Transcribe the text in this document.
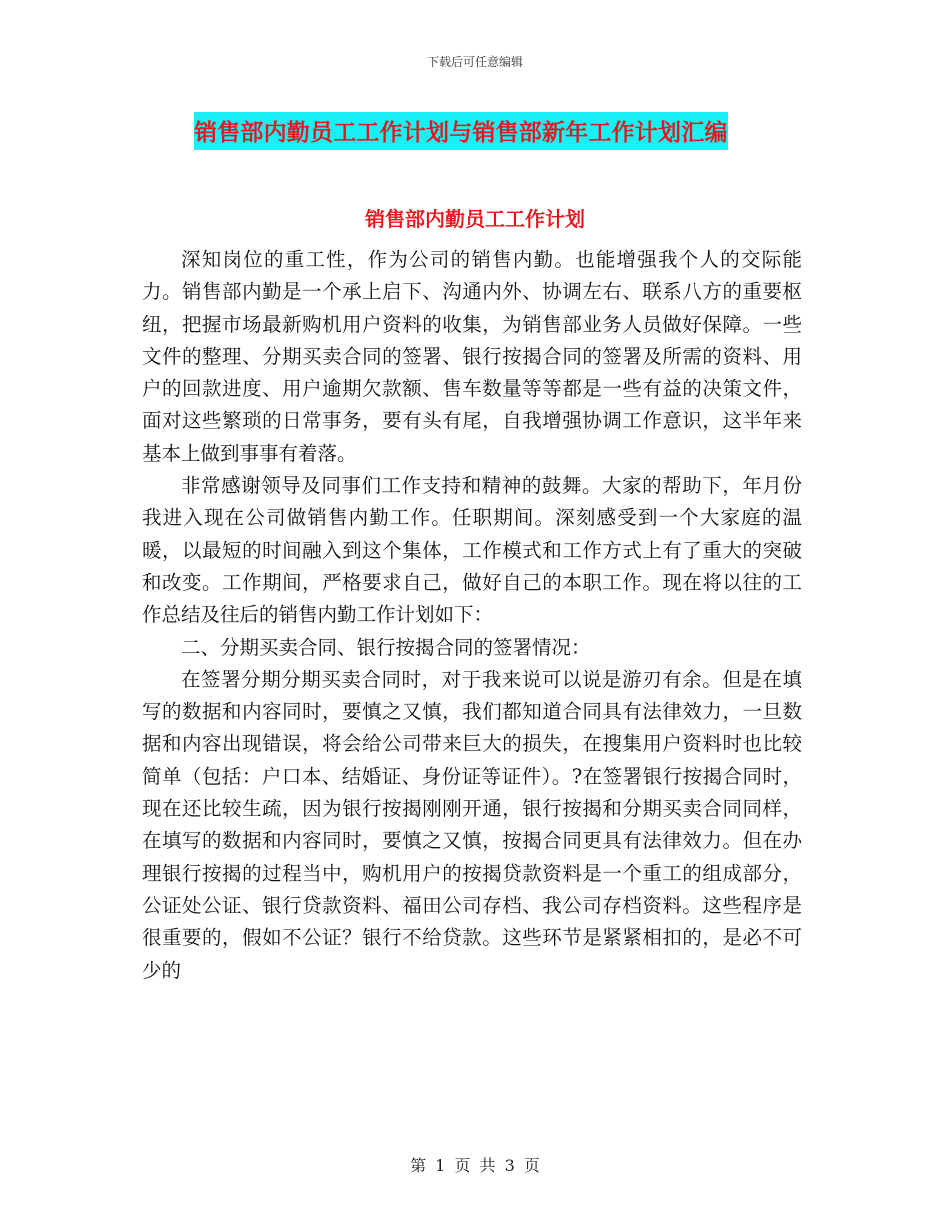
下载后可任意编辑
销售部内勤员工工作计划与销售部新年工作计划汇编
销售部内勤员工工作计划

深知岗位的重工性，作为公司的销售内勤。也能增强我个人的交际能力。销售部内勤是一个承上启下、沟通内外、协调左右、联系八方的重要枢纽，把握市场最新购机用户资料的收集，为销售部业务人员做好保障。一些文件的整理、分期买卖合同的签署、银行按揭合同的签署及所需的资料、用户的回款进度、用户逾期欠款额、售车数量等等都是一些有益的决策文件，面对这些繁琐的日常事务，要有头有尾，自我增强协调工作意识，这半年来基本上做到事事有着落。

非常感谢领导及同事们工作支持和精神的鼓舞。大家的帮助下，年月份我进入现在公司做销售内勤工作。任职期间。深刻感受到一个大家庭的温暖，以最短的时间融入到这个集体，工作模式和工作方式上有了重大的突破和改变。工作期间，严格要求自己，做好自己的本职工作。现在将以往的工作总结及往后的销售内勤工作计划如下：

二、分期买卖合同、银行按揭合同的签署情况：

在签署分期分期买卖合同时，对于我来说可以说是游刃有余。但是在填写的数据和内容同时，要慎之又慎，我们都知道合同具有法律效力，一旦数据和内容出现错误，将会给公司带来巨大的损失，在搜集用户资料时也比较简单（包括：户口本、结婚证、身份证等证件）。?在签署银行按揭合同时，现在还比较生疏，因为银行按揭刚刚开通，银行按揭和分期买卖合同同样，在填写的数据和内容同时，要慎之又慎，按揭合同更具有法律效力。但在办理银行按揭的过程当中，购机用户的按揭贷款资料是一个重工的组成部分，公证处公证、银行贷款资料、福田公司存档、我公司存档资料。这些程序是很重要的，假如不公证？银行不给贷款。这些环节是紧紧相扣的，是必不可少的

第 1 页 共 3 页
